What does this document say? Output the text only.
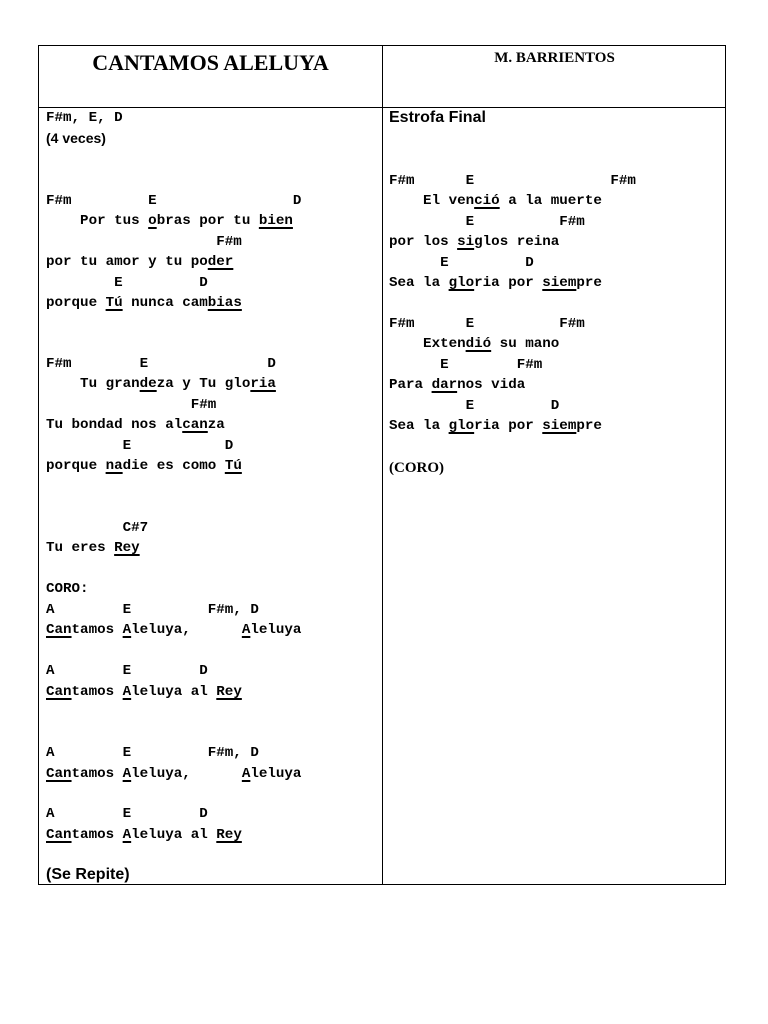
CANTAMOS ALELUYA	M. BARRIENTOS
F#m, E, D
(4 veces)
F#m         E                D
Por tus obras por tu bien
F#m
por tu amor y tu poder
E         D
porque Tú nunca cambias
F#m        E              D
Tu grandeza y Tu gloria
F#m
Tu bondad nos alcanza
E           D
porque nadie es como Tú
C#7
Tu eres Rey
CORO:
A        E         F#m, D
Cantamos Aleluya,      Aleluya
A        E        D
Cantamos Aleluya al Rey
A        E         F#m, D
Cantamos Aleluya,      Aleluya
A        E        D
Cantamos Aleluya al Rey
(Se Repite)
Estrofa Final
F#m      E                F#m
El venció a la muerte
E          F#m
por los siglos reina
E         D
Sea la gloria por siempre
F#m      E          F#m
Extendió su mano
E        F#m
Para darnos vida
E         D
Sea la gloria por siempre
(CORO)
